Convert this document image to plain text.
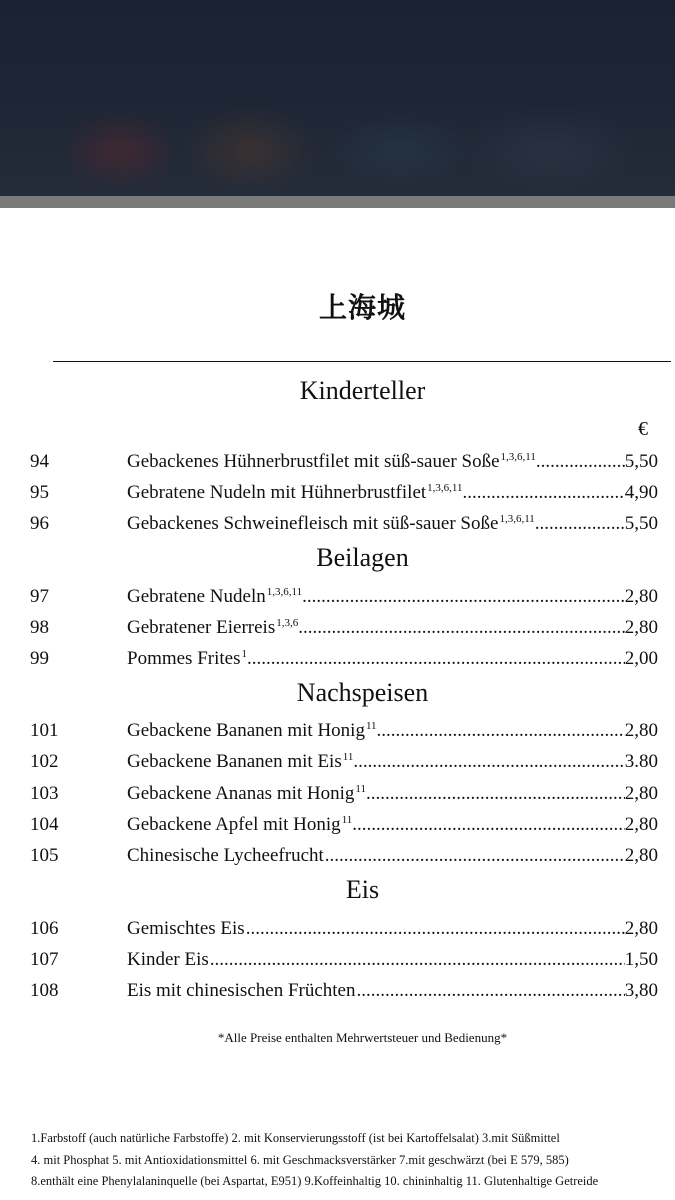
上海城
Kinderteller
€
94	Gebackenes Hühnerbrustfilet mit süß-sauer Soße$^{1,3,6,11}$ .....	5,50
95	Gebratene Nudeln mit Hühnerbrustfilet$^{1,3,6,11}$ .....	4,90
96	Gebackenes Schweinefleisch mit süß-sauer Soße$^{1,3,6,11}$ .....	5,50
Beilagen
97	Gebratene Nudeln$^{1,3,6,11}$ .....	2,80
98	Gebratener Eierreis$^{1,3,6}$ .....	2,80
99	Pommes Frites$^1$ .....	2,00
Nachspeisen
101	Gebackene Bananen mit Honig$^{11}$ .....	2,80
102	Gebackene Bananen mit Eis$^{11}$ .....	3.80
103	Gebackene Ananas mit Honig$^{11}$ .....	2,80
104	Gebackene Apfel mit Honig$^{11}$ .....	2,80
105	Chinesische Lycheefrucht .....	2,80
Eis
106	Gemischtes Eis .....	2,80
107	Kinder Eis .....	1,50
108	Eis mit chinesischen Früchten .....	3,80
*Alle Preise enthalten Mehrwertsteuer und Bedienung*
1.Farbstoff (auch natürliche Farbstoffe) 2. mit Konservierungsstoff (ist bei Kartoffelsalat) 3.mit Süßmittel
4. mit Phosphat 5. mit Antioxidationsmittel 6. mit Geschmacksverstärker 7.mit geschwärzt (bei E 579, 585)
8.enthält eine Phenylalaninquelle (bei Aspartat, E951) 9.Koffeinhaltig 10. chininhaltig 11. Glutenhaltige Getreide
